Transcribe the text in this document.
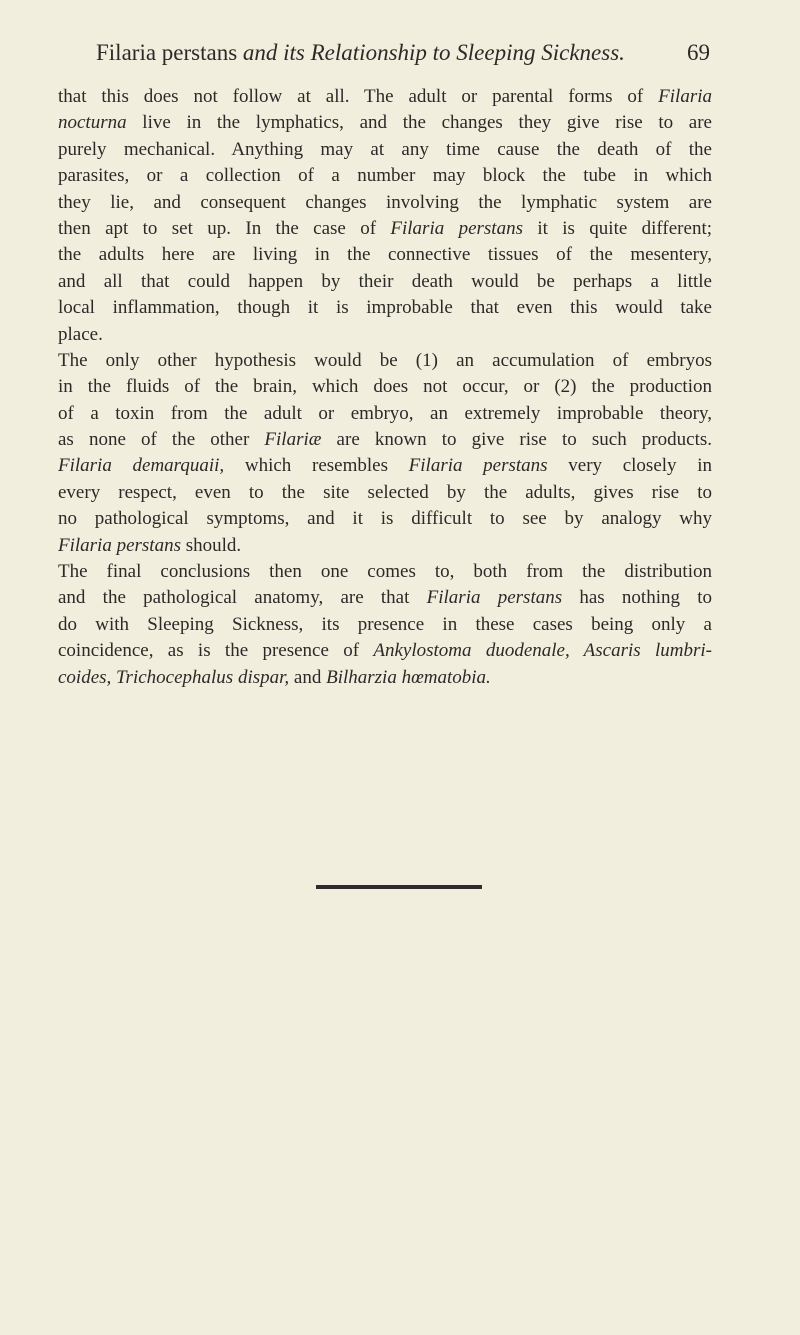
Filaria perstans and its Relationship to Sleeping Sickness.	69
that this does not follow at all. The adult or parental forms of Filaria
nocturna live in the lymphatics, and the changes they give rise to are
purely mechanical. Anything may at any time cause the death of the
parasites, or a collection of a number may block the tube in which
they lie, and consequent changes involving the lymphatic system are
then apt to set up. In the case of Filaria perstans it is quite different;
the adults here are living in the connective tissues of the mesentery,
and all that could happen by their death would be perhaps a little
local inflammation, though it is improbable that even this would take
place.
The only other hypothesis would be (1) an accumulation of embryos
in the fluids of the brain, which does not occur, or (2) the production
of a toxin from the adult or embryo, an extremely improbable theory,
as none of the other Filariæ are known to give rise to such products.
Filaria demarquaii, which resembles Filaria perstans very closely in
every respect, even to the site selected by the adults, gives rise to
no pathological symptoms, and it is difficult to see by analogy why
Filaria perstans should.
The final conclusions then one comes to, both from the distribution
and the pathological anatomy, are that Filaria perstans has nothing to
do with Sleeping Sickness, its presence in these cases being only a
coincidence, as is the presence of Ankylostoma duodenale, Ascaris lumbri-
coides, Trichocephalus dispar, and Bilharzia hœmatobia.
